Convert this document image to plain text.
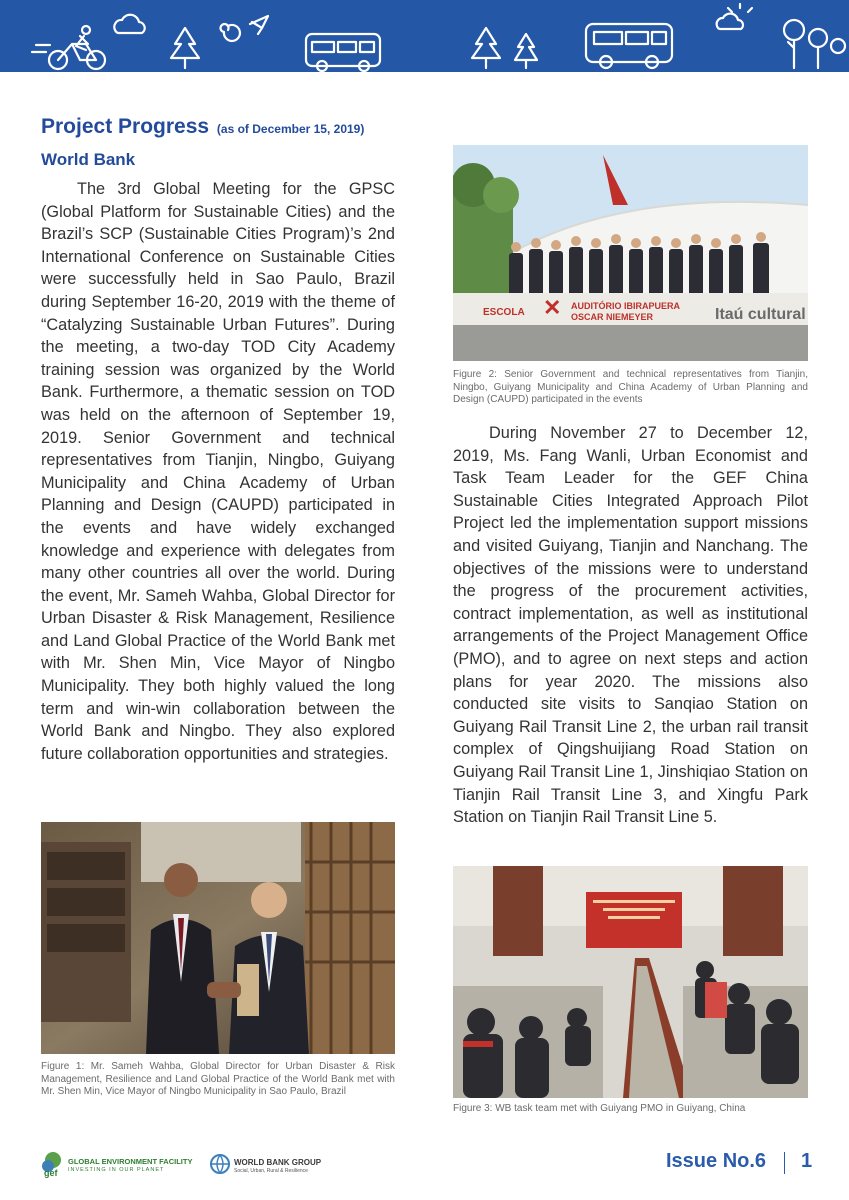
Project Progress (as of December 15, 2019)
World Bank

The 3rd Global Meeting for the GPSC (Global Platform for Sustainable Cities) and the Brazil’s SCP (Sustainable Cities Program)’s 2nd International Conference on Sustainable Cities were successfully held in Sao Paulo, Brazil during September 16-20, 2019 with the theme of “Catalyzing Sustainable Urban Futures”. During the meeting, a two-day TOD City Academy training session was organized by the World Bank. Furthermore, a thematic session on TOD was held on the afternoon of September 19, 2019. Senior Government and technical representatives from Tianjin, Ningbo, Guiyang Municipality and China Academy of Urban Planning and Design (CAUPD) participated in the events and have widely exchanged knowledge and experience with delegates from many other countries all over the world. During the event, Mr. Sameh Wahba, Global Director for Urban Disaster & Risk Management, Resilience and Land Global Practice of the World Bank met with Mr. Shen Min, Vice Mayor of Ningbo Municipality. They both highly valued the long term and win-win collaboration between the World Bank and Ningbo. They also explored future collaboration opportunities and strategies.

Figure 1: Mr. Sameh Wahba, Global Director for Urban Disaster & Risk Management, Resilience and Land Global Practice of the World Bank met with Mr. Shen Min, Vice Mayor of Ningbo Municipality in Sao Paulo, Brazil
ESCOLA ✕ AUDITÓRIO IBIRAPUERA
OSCAR NIEMEYER	Itaú cultural
Figure 2: Senior Government and technical representatives from Tianjin, Ningbo, Guiyang Municipality and China Academy of Urban Planning and Design (CAUPD) participated in the events

During November 27 to December 12, 2019, Ms. Fang Wanli, Urban Economist and Task Team Leader for the GEF China Sustainable Cities Integrated Approach Pilot Project led the implementation support missions and visited Guiyang, Tianjin and Nanchang. The objectives of the missions were to understand the progress of the procurement activities, contract implementation, as well as institutional arrangements of the Project Management Office (PMO), and to agree on next steps and action plans for year 2020. The missions also conducted site visits to Sanqiao Station on Guiyang Rail Transit Line 2, the urban rail transit complex of Qingshuijiang Road Station on Guiyang Rail Transit Line 1, Jinshiqiao Station on Tianjin Rail Transit Line 3, and Xingfu Park Station on Tianjin Rail Transit Line 5.

Figure 3: WB task team met with Guiyang PMO in Guiyang, China
gef
GLOBAL ENVIRONMENT FACILITY
INVESTING IN OUR PLANET
WORLD BANK GROUP
Social, Urban, Rural & Resilience	Issue No.6 1
